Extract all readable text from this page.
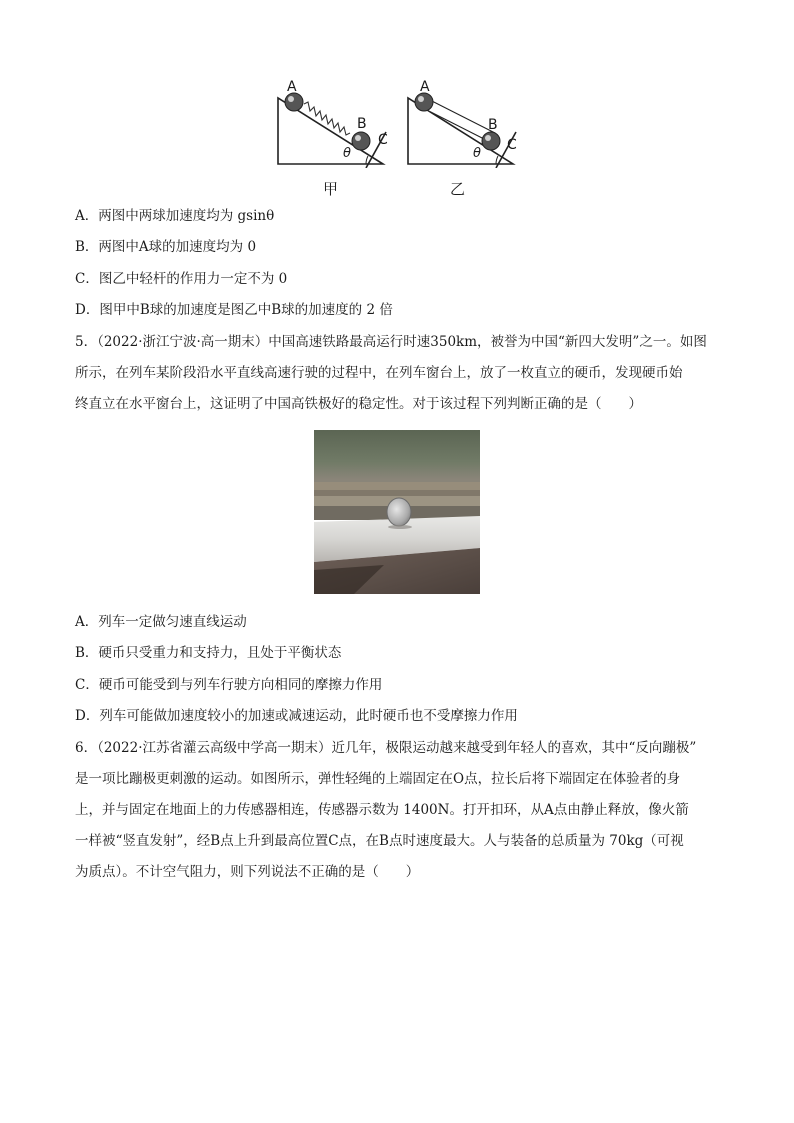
A
B
C
θ
甲
A
B
C
θ
乙
A．两图中两球加速度均为 gsinθ
B．两图中A球的加速度均为 0
C．图乙中轻杆的作用力一定不为 0
D．图甲中B球的加速度是图乙中B球的加速度的 2 倍
5．（2022·浙江宁波·高一期末）中国高速铁路最高运行时速350km，被誉为中国“新四大发明”之一。如图
所示，在列车某阶段沿水平直线高速行驶的过程中，在列车窗台上，放了一枚直立的硬币，发现硬币始
终直立在水平窗台上，这证明了中国高铁极好的稳定性。对于该过程下列判断正确的是（　　）
A．列车一定做匀速直线运动
B．硬币只受重力和支持力，且处于平衡状态
C．硬币可能受到与列车行驶方向相同的摩擦力作用
D．列车可能做加速度较小的加速或减速运动，此时硬币也不受摩擦力作用
6．（2022·江苏省灌云高级中学高一期末）近几年，极限运动越来越受到年轻人的喜欢，其中“反向蹦极”
是一项比蹦极更刺激的运动。如图所示，弹性轻绳的上端固定在O点，拉长后将下端固定在体验者的身
上，并与固定在地面上的力传感器相连，传感器示数为 1400N。打开扣环，从A点由静止释放，像火箭
一样被“竖直发射”，经B点上升到最高位置C点，在B点时速度最大。人与装备的总质量为 70kg（可视
为质点）。不计空气阻力，则下列说法不正确的是（　　）
